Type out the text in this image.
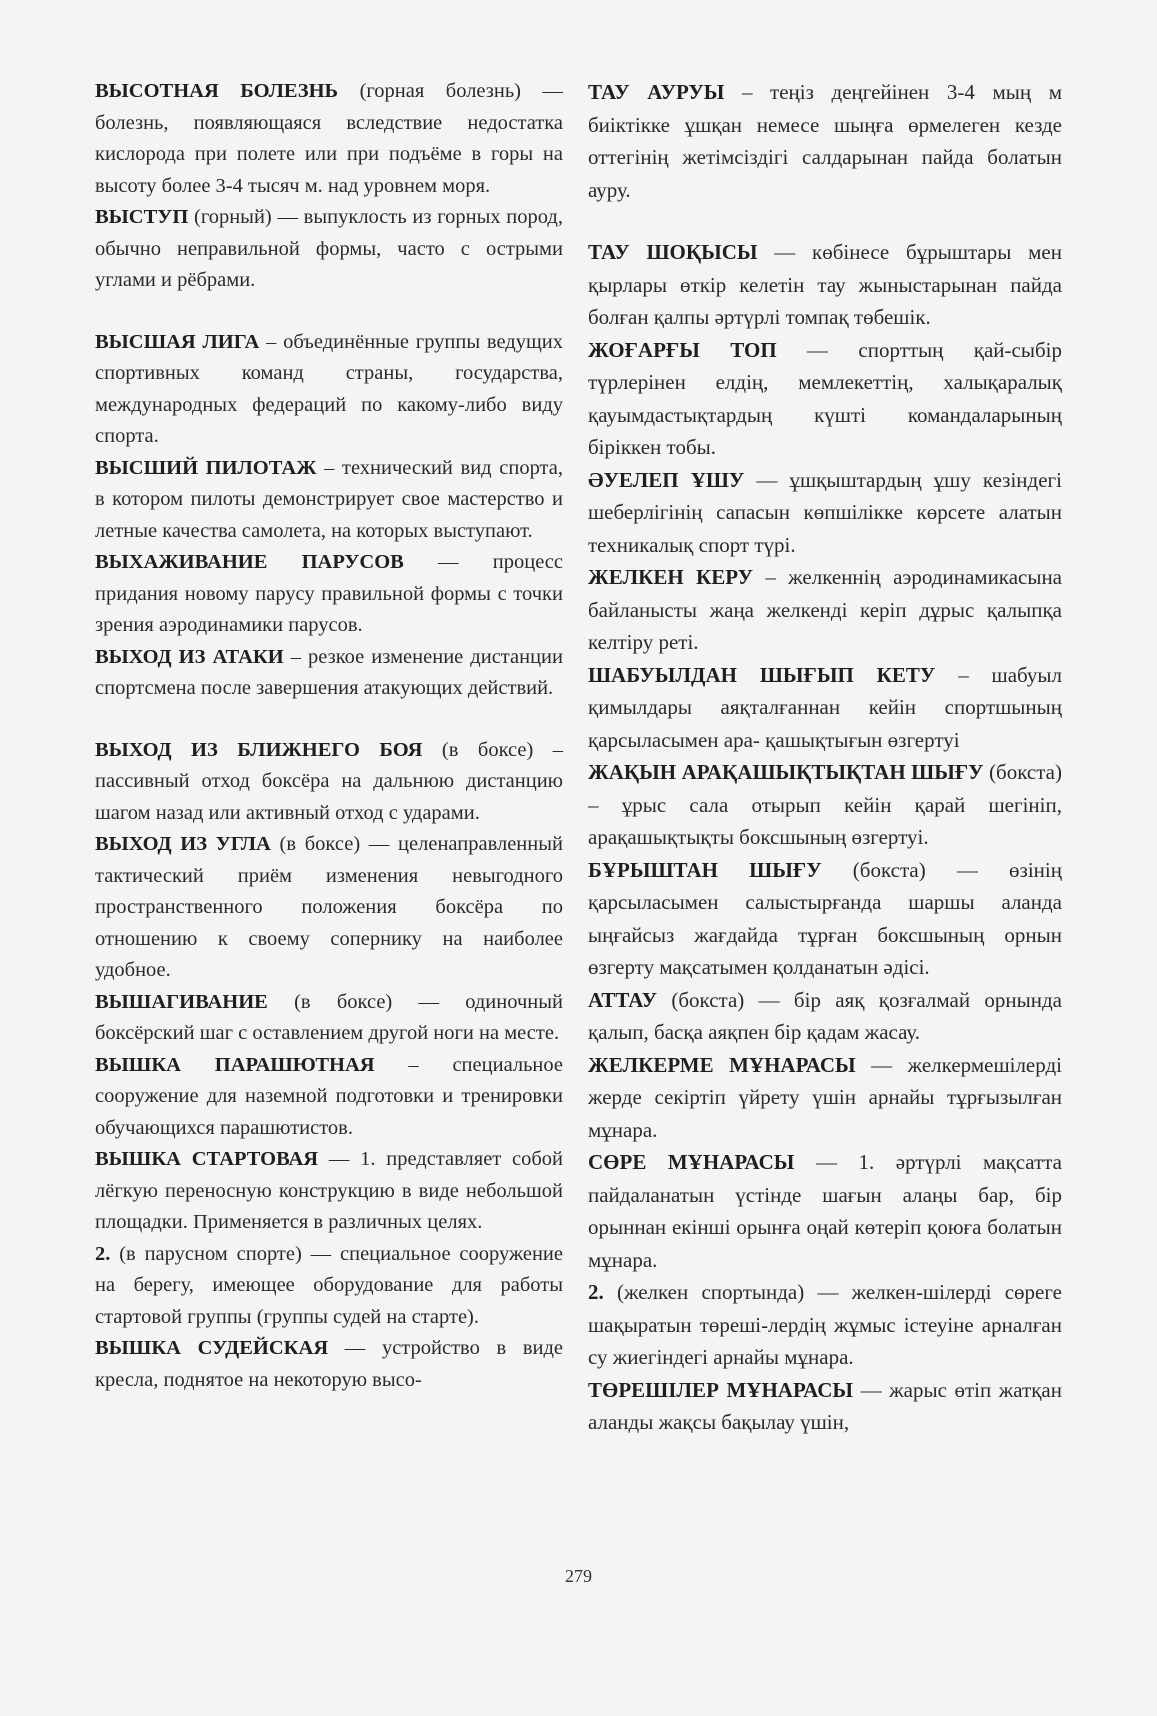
ВЫСОТНАЯ БОЛЕЗНЬ (горная болезнь) — болезнь, появляющаяся вследствие недостатка кислорода при полете или при подъёме в горы на высоту более 3-4 тысяч м. над уровнем моря.

ВЫСТУП (горный) — выпуклость из горных пород, обычно неправильной формы, часто с острыми углами и рёбрами.

ВЫСШАЯ ЛИГА – объединённые группы ведущих спортивных команд страны, государства, международных федераций по какому-либо виду спорта.

ВЫСШИЙ ПИЛОТАЖ – технический вид спорта, в котором пилоты демонстрирует свое мастерство и летные качества самолета, на которых выступают.

ВЫХАЖИВАНИЕ ПАРУСОВ — процесс придания новому парусу правильной формы с точки зрения аэродинамики парусов.

ВЫХОД ИЗ АТАКИ – резкое изменение дистанции спортсмена после завершения атакующих действий.

ВЫХОД ИЗ БЛИЖНЕГО БОЯ (в боксе) – пассивный отход боксёра на дальнюю дистанцию шагом назад или активный отход с ударами.

ВЫХОД ИЗ УГЛА (в боксе) — целенаправленный тактический приём изменения невыгодного пространственного положения боксёра по отношению к своему сопернику на наиболее удобное.

ВЫШАГИВАНИЕ (в боксе) — одиночный боксёрский шаг с оставлением другой ноги на месте.

ВЫШКА ПАРАШЮТНАЯ – специальное сооружение для наземной подготовки и тренировки обучающихся парашютистов.

ВЫШКА СТАРТОВАЯ — 1. представляет собой лёгкую переносную конструкцию в виде небольшой площадки. Применяется в различных целях.

2. (в парусном спорте) — специальное сооружение на берегу, имеющее оборудование для работы стартовой группы (группы судей на старте).

ВЫШКА СУДЕЙСКАЯ — устройство в виде кресла, поднятое на некоторую высо-

ТАУ АУРУЫ – теңіз деңгейінен 3-4 мың м биіктікке ұшқан немесе шыңға өрмелеген кезде оттегінің жетімсіздігі салдарынан пайда болатын ауру.

ТАУ ШОҚЫСЫ — көбінесе бұрыштары мен қырлары өткір келетін тау жыныстарынан пайда болған қалпы әртүрлі томпақ төбешік.

ЖОҒАРҒЫ ТОП — спорттың қай-сыбір түрлерінен елдің, мемлекеттің, халықаралық қауымдастықтардың күшті командаларының біріккен тобы.

ӘУЕЛЕП ҰШУ — ұшқыштардың ұшу кезіндегі шеберлігінің сапасын көпшілікке көрсете алатын техникалық спорт түрі.

ЖЕЛКЕН КЕРУ – желкеннің аэродинамикасына байланысты жаңа желкенді керіп дұрыс қалыпқа келтіру реті.

ШАБУЫЛДАН ШЫҒЫП КЕТУ – шабуыл қимылдары аяқталғаннан кейін спортшының қарсыласымен ара- қашықтығын өзгертуі

ЖАҚЫН АРАҚАШЫҚТЫҚТАН ШЫҒУ (бокста) – ұрыс сала отырып кейін қарай шегініп, арақашықтықты боксшының өзгертуі.

БҰРЫШТАН ШЫҒУ (бокста) — өзінің қарсыласымен салыстырғанда шаршы аланда ыңғайсыз жағдайда тұрған боксшының орнын өзгерту мақсатымен қолданатын әдісі.

АТТАУ (бокста) — бір аяқ қозғалмай орнында қалып, басқа аяқпен бір қадам жасау.

ЖЕЛКЕРМЕ МҰНАРАСЫ — желкермешілерді жерде секіртіп үйрету үшін арнайы тұрғызылған мұнара.

СӨРЕ МҰНАРАСЫ — 1. әртүрлі мақсатта пайдаланатын үстінде шағын алаңы бар, бір орыннан екінші орынға оңай көтеріп қоюға болатын мұнара.

2. (желкен спортында) — желкен-шілерді сөреге шақыратын төреші-лердің жұмыс істеуіне арналған су жиегіндегі арнайы мұнара.

ТӨРЕШІЛЕР МҰНАРАСЫ — жарыс өтіп жатқан аланды жақсы бақылау үшін,

279
